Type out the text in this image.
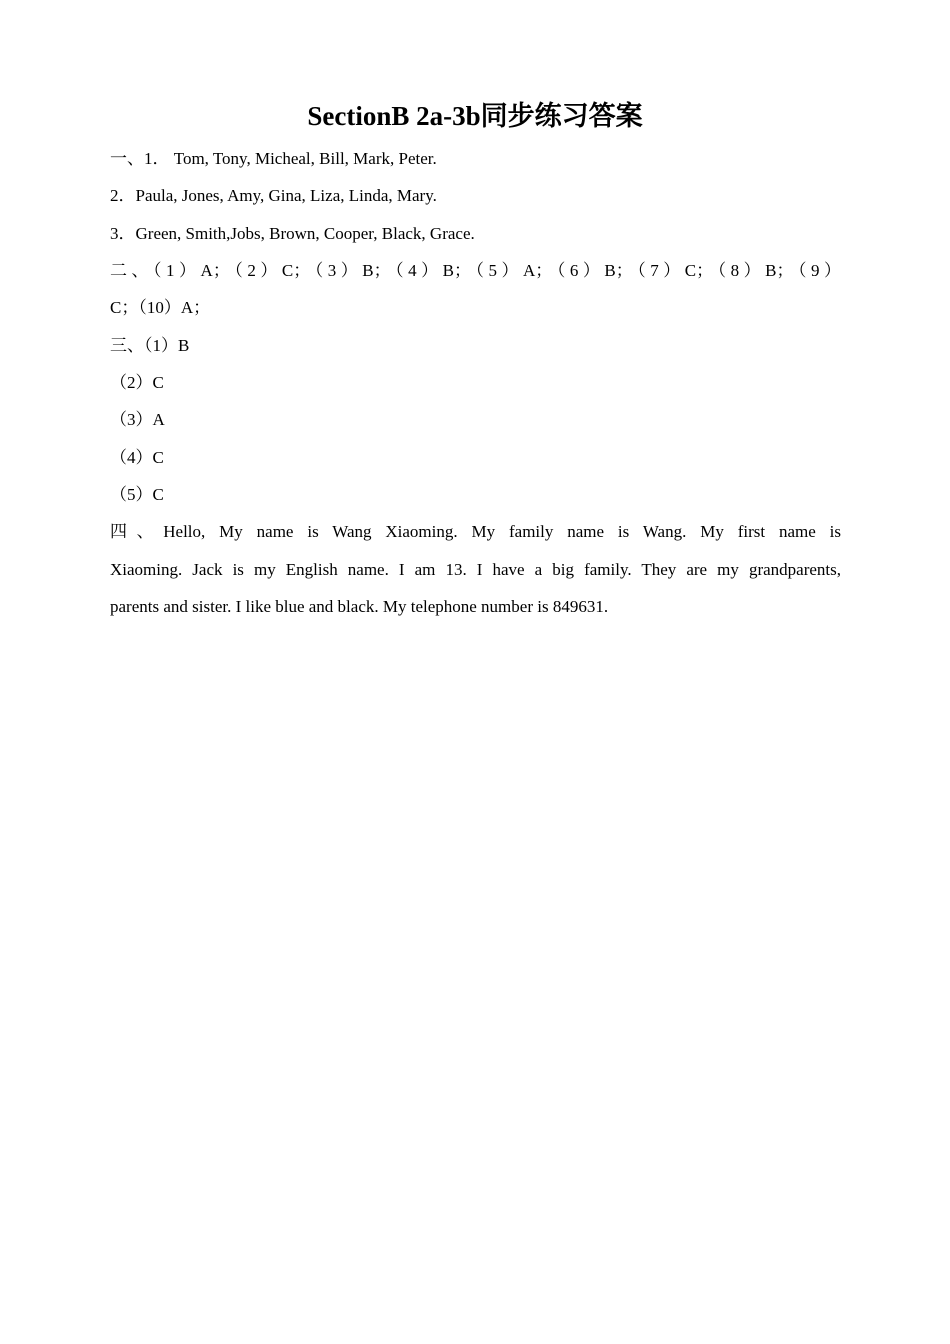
SectionB 2a-3b同步练习答案
一、1． Tom, Tony, Micheal, Bill, Mark, Peter.
2．Paula, Jones, Amy, Gina, Liza, Linda, Mary.
3．Green, Smith,Jobs, Brown, Cooper, Black, Grace.
二、（1）A；（2）C；（3）B；（4）B；（5）A；（6）B；（7）C；（8）B；（9）
C；（10）A；
三、（1）B
（2）C
（3）A
（4）C
（5）C
四、Hello, My name is Wang Xiaoming. My family name is Wang. My first name is
Xiaoming. Jack is my English name. I am 13. I have a big family. They are my grandparents,
parents and sister. I like blue and black. My telephone number is 849631.
